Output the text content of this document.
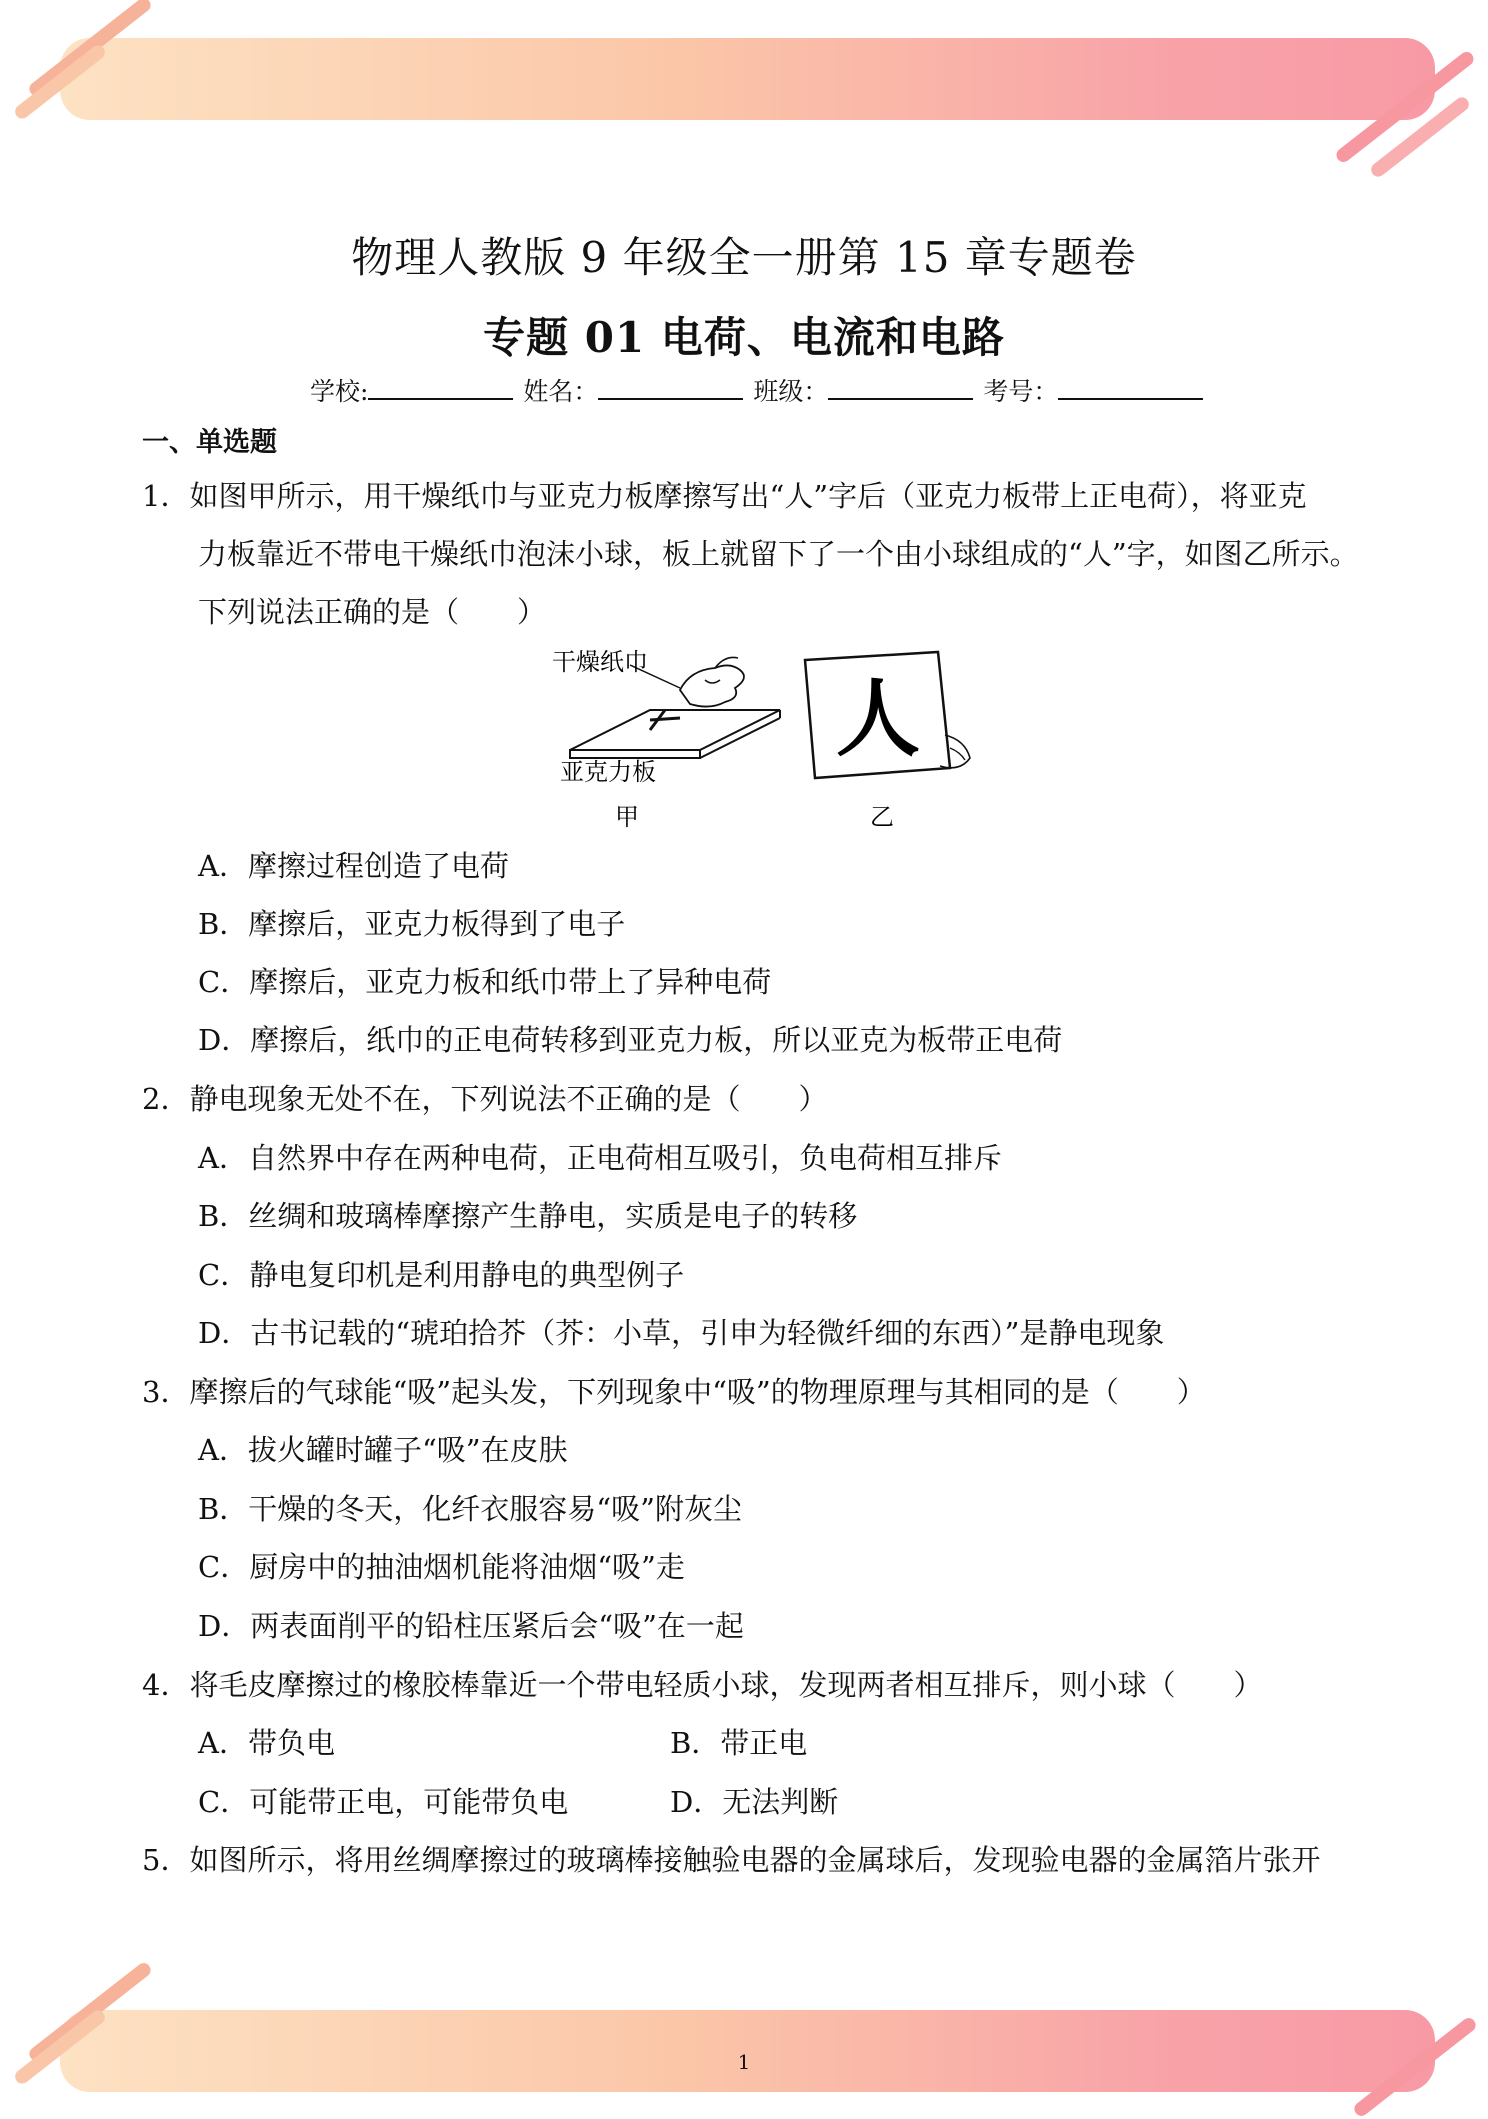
物理人教版 9 年级全一册第 15 章专题卷
专题 01 电荷、电流和电路
学校:	姓名：	班级：	考号：
一、单选题
1．如图甲所示，用干燥纸巾与亚克力板摩擦写出“人”字后（亚克力板带上正电荷），将亚克
力板靠近不带电干燥纸巾泡沫小球，板上就留下了一个由小球组成的“人”字，如图乙所示。
下列说法正确的是（　　）
干燥纸巾
亚克力板
甲
人
乙
A．摩擦过程创造了电荷
B．摩擦后，亚克力板得到了电子
C．摩擦后，亚克力板和纸巾带上了异种电荷
D．摩擦后，纸巾的正电荷转移到亚克力板，所以亚克为板带正电荷
2．静电现象无处不在，下列说法不正确的是（　　）
A．自然界中存在两种电荷，正电荷相互吸引，负电荷相互排斥
B．丝绸和玻璃棒摩擦产生静电，实质是电子的转移
C．静电复印机是利用静电的典型例子
D．古书记载的“琥珀拾芥（芥：小草，引申为轻微纤细的东西）”是静电现象
3．摩擦后的气球能“吸”起头发，下列现象中“吸”的物理原理与其相同的是（　　）
A．拔火罐时罐子“吸”在皮肤
B．干燥的冬天，化纤衣服容易“吸”附灰尘
C．厨房中的抽油烟机能将油烟“吸”走
D．两表面削平的铅柱压紧后会“吸”在一起
4．将毛皮摩擦过的橡胶棒靠近一个带电轻质小球，发现两者相互排斥，则小球（　　）
A．带负电	B．带正电
C．可能带正电，可能带负电	D．无法判断
5．如图所示，将用丝绸摩擦过的玻璃棒接触验电器的金属球后，发现验电器的金属箔片张开
1
